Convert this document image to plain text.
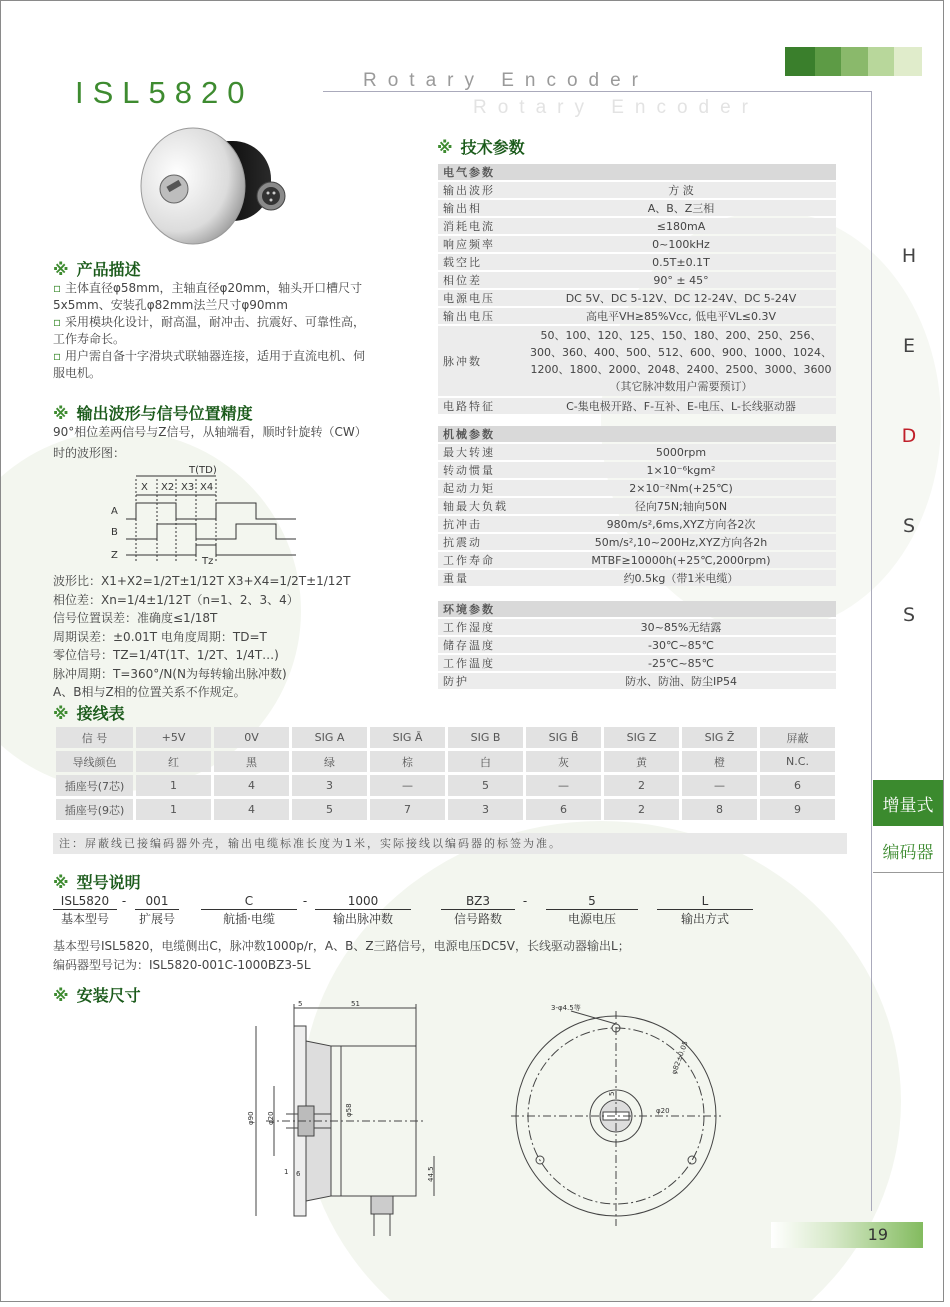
ISL5820	Rotary Encoder
Rotary Encoder
※ 产品描述

▫ 主体直径φ58mm，主轴直径φ20mm，轴头开口槽尺寸5x5mm、安装孔φ82mm法兰尺寸φ90mm

▫ 采用模块化设计，耐高温，耐冲击、抗震好、可靠性高，工作寿命长。

▫ 用户需自备十字滑块式联轴器连接，适用于直流电机、伺服电机。

※ 输出波形与信号位置精度
90°相位差两信号与Z信号，从轴端看，顺时针旋转（CW）时的波形图：
T(TD)
X X2 X3 X4
A
B
Z
Tz
波形比：X1+X2=1/2T±1/12T X3+X4=1/2T±1/12T
相位差：Xn=1/4±1/12T（n=1、2、3、4）
信号位置误差：准确度≤1/18T
周期误差：±0.01T 电角度周期：TD=T
零位信号：TZ=1/4T(1T、1/2T、1/4T…)
脉冲周期：T=360°/N(N为每转输出脉冲数)
A、B相与Z相的位置关系不作规定。
※ 技术参数
电气参数	
输出波形	方 波
输出相	A、B、Z三相
消耗电流	≤180mA
响应频率	0~100kHz
载空比	0.5T±0.1T
相位差	90° ± 45°
电源电压	DC 5V、DC 5-12V、DC 12-24V、DC 5-24V
输出电压	高电平VH≥85%Vcc, 低电平VL≤0.3V
脉冲数	50、100、120、125、150、180、200、250、256、
300、360、400、500、512、600、900、1000、1024、
1200、1800、2000、2048、2400、2500、3000、3600
（其它脉冲数用户需要预订）

电路特征	C-集电极开路、F-互补、E-电压、L-长线驱动器
机械参数	
最大转速	5000rpm
转动惯量	1×10⁻⁶kgm²
起动力矩	2×10⁻²Nm(+25℃)
轴最大负载	径向75N;轴向50N
抗冲击	980m/s²,6ms,XYZ方向各2次
抗震动	50m/s²,10~200Hz,XYZ方向各2h
工作寿命	MTBF≥10000h(+25℃,2000rpm)
重量	约0.5kg（带1米电缆）
环境参数	
工作湿度	30~85%无结露
储存温度	-30℃~85℃
工作温度	-25℃~85℃
防护	防水、防油、防尘IP54
H
E
D
S
S
增量式
编码器
※ 接线表
信 号	+5V	0V	SIG A	SIG Ā	SIG B	SIG B̄	SIG Z	SIG Z̄	屏蔽
导线颜色	红	黑	绿	棕	白	灰	黄	橙	N.C.
插座号(7芯)	1	4	3	—	5	—	2	—	6
插座号(9芯)	1	4	5	7	3	6	2	8	9
注：屏蔽线已接编码器外壳，输出电缆标准长度为1米，实际接线以编码器的标签为准。
※ 型号说明
ISL5820
基本型号
-	001
扩展号
C
航插·电缆
-	1000
输出脉冲数
BZ3
信号路数
-	5
电源电压
L
输出方式
基本型号ISL5820，电缆侧出C，脉冲数1000p/r，A、B、Z三路信号，电源电压DC5V，长线驱动器输出L；
编码器型号记为：ISL5820-001C-1000BZ3-5L
※ 安装尺寸	5	51
φ90
φ58
φ20
1 6	44.5
3-φ4.5等
φ82±0.05
φ20
5
19
